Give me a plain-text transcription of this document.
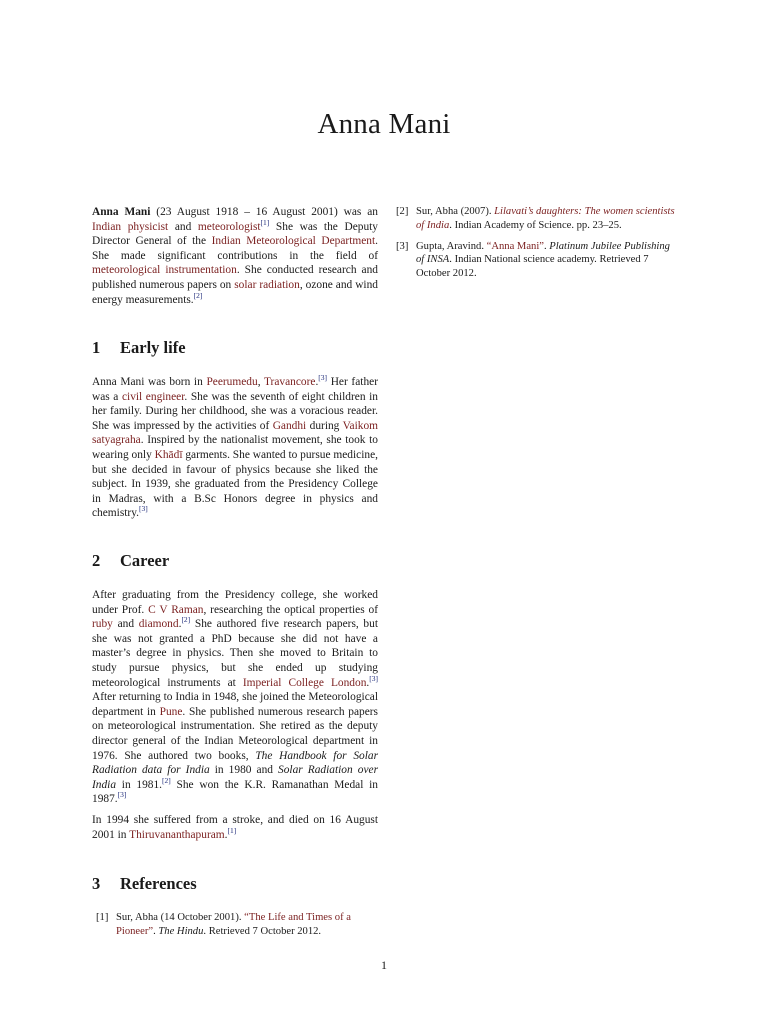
Anna Mani

Anna Mani (23 August 1918 – 16 August 2001) was an Indian physicist and meteorologist[1] She was the Deputy Director General of the Indian Meteorological Department. She made significant contributions in the field of meteorological instrumentation. She conducted research and published numerous papers on solar radiation, ozone and wind energy measurements.[2]

1 Early life

Anna Mani was born in Peerumedu, Travancore.[3] Her father was a civil engineer. She was the seventh of eight children in her family. During her childhood, she was a voracious reader. She was impressed by the activities of Gandhi during Vaikom satyagraha. Inspired by the nationalist movement, she took to wearing only Khādī garments. She wanted to pursue medicine, but she decided in favour of physics because she liked the subject. In 1939, she graduated from the Presidency College in Madras, with a B.Sc Honors degree in physics and chemistry.[3]

2 Career

After graduating from the Presidency college, she worked under Prof. C V Raman, researching the optical properties of ruby and diamond.[2] She authored five research papers, but she was not granted a PhD because she did not have a master’s degree in physics. Then she moved to Britain to study pursue physics, but she ended up studying meteorological instruments at Imperial College London.[3] After returning to India in 1948, she joined the Meteorological department in Pune. She published numerous research papers on meteorological instrumentation. She retired as the deputy director general of the Indian Meteorological department in 1976. She authored two books, The Handbook for Solar Radiation data for India in 1980 and Solar Radiation over India in 1981.[2] She won the K.R. Ramanathan Medal in 1987.[3]

In 1994 she suffered from a stroke, and died on 16 August 2001 in Thiruvananthapuram.[1]

3 References
[1] Sur, Abha (14 October 2001). “The Life and Times of a Pioneer”. The Hindu. Retrieved 7 October 2012.
[2] Sur, Abha (2007). Lilavati’s daughters: The women scientists of India. Indian Academy of Science. pp. 23–25.
[3] Gupta, Aravind. “Anna Mani”. Platinum Jubilee Publishing of INSA. Indian National science academy. Retrieved 7 October 2012.
1
